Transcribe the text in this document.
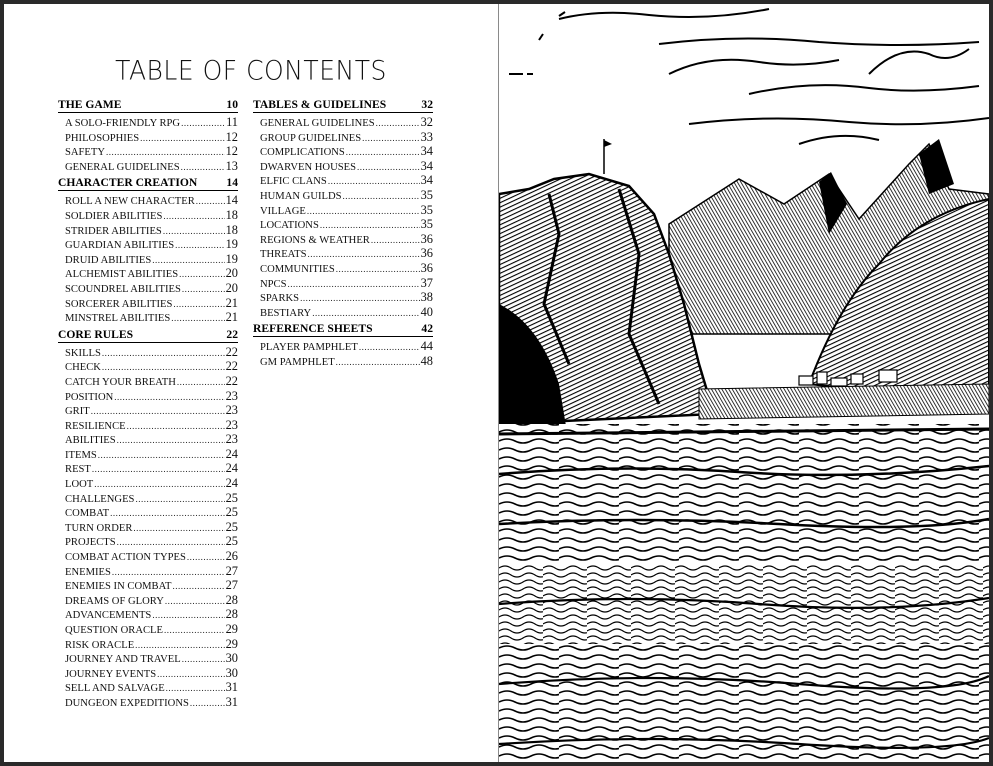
TABLE OF CONTENTS
THE GAME	10
A SOLO-FRIENDLY RPG .....	11
PHILOSOPHIES .....	12
SAFETY .....	12
GENERAL GUIDELINES .....	13
CHARACTER CREATION	14
ROLL A NEW CHARACTER ..... 14
SOLDIER ABILITIES .....	18
STRIDER ABILITIES .....	18
GUARDIAN ABILITIES .....	19
DRUID ABILITIES .....	19
ALCHEMIST ABILITIES .....	20
SCOUNDREL ABILITIES .....	20
SORCERER ABILITIES .....	21
MINSTREL ABILITIES .....	21
CORE RULES	22
SKILLS .....	22
CHECK .....	22
CATCH YOUR BREATH .....	22
POSITION .....	23
GRIT .....	23
RESILIENCE .....	23
ABILITIES .....	23
ITEMS .....	24
REST .....	24
LOOT .....	24
CHALLENGES .....	25
COMBAT .....	25
TURN ORDER .....	25
PROJECTS .....	25
COMBAT ACTION TYPES .....	26
ENEMIES .....	27
ENEMIES IN COMBAT .....	27
DREAMS OF GLORY .....	28
ADVANCEMENTS .....	28
QUESTION ORACLE .....	29
RISK ORACLE .....	29
JOURNEY AND TRAVEL .....	30
JOURNEY EVENTS .....	30
SELL AND SALVAGE .....	31
DUNGEON EXPEDITIONS .....	31
TABLES & GUIDELINES	32
GENERAL GUIDELINES .....	32
GROUP GUIDELINES .....	33
COMPLICATIONS .....	34
DWARVEN HOUSES .....	34
ELFIC CLANS .....	34
HUMAN GUILDS .....	35
VILLAGE .....	35
LOCATIONS .....	35
REGIONS & WEATHER .....	36
THREATS .....	36
COMMUNITIES .....	36
NPCS .....	37
SPARKS .....	38
BESTIARY .....	40
REFERENCE SHEETS	42
PLAYER PAMPHLET .....	44
GM PAMPHLET .....	48
